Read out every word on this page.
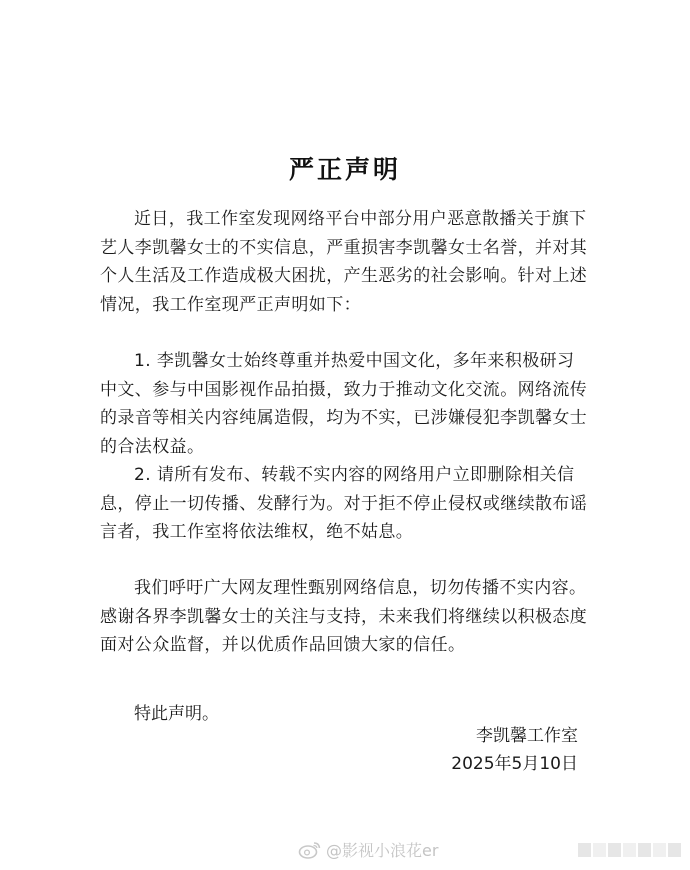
严正声明

近日，我工作室发现网络平台中部分用户恶意散播关于旗下艺人李凯馨女士的不实信息，严重损害李凯馨女士名誉，并对其个人生活及工作造成极大困扰，产生恶劣的社会影响。针对上述情况，我工作室现严正声明如下：

1. 李凯馨女士始终尊重并热爱中国文化，多年来积极研习中文、参与中国影视作品拍摄，致力于推动文化交流。网络流传的录音等相关内容纯属造假，均为不实，已涉嫌侵犯李凯馨女士的合法权益。

2. 请所有发布、转载不实内容的网络用户立即删除相关信息，停止一切传播、发酵行为。对于拒不停止侵权或继续散布谣言者，我工作室将依法维权，绝不姑息。

我们呼吁广大网友理性甄别网络信息，切勿传播不实内容。感谢各界李凯馨女士的关注与支持，未来我们将继续以积极态度面对公众监督，并以优质作品回馈大家的信任。

特此声明。
李凯馨工作室
2025年5月10日
@影视小浪花er
